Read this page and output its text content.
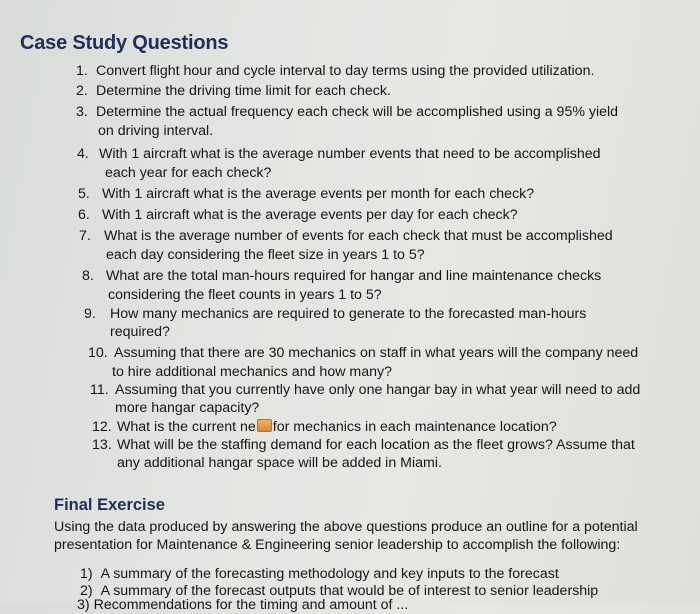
Case Study Questions
1. Convert flight hour and cycle interval to day terms using the provided utilization.
2. Determine the driving time limit for each check.
3. Determine the actual frequency each check will be accomplished using a 95% yield
on driving interval.
4. With 1 aircraft what is the average number events that need to be accomplished
each year for each check?
5. With 1 aircraft what is the average events per month for each check?
6. With 1 aircraft what is the average events per day for each check?
7. What is the average number of events for each check that must be accomplished
each day considering the fleet size in years 1 to 5?
8. What are the total man-hours required for hangar and line maintenance checks
considering the fleet counts in years 1 to 5?
9. How many mechanics are required to generate to the forecasted man-hours
required?
10. Assuming that there are 30 mechanics on staff in what years will the company need
to hire additional mechanics and how many?
11. Assuming that you currently have only one hangar bay in what year will need to add
more hangar capacity?
12. What is the current ne for mechanics in each maintenance location?
13. What will be the staffing demand for each location as the fleet grows? Assume that
any additional hangar space will be added in Miami.
Final Exercise
Using the data produced by answering the above questions produce an outline for a potential
presentation for Maintenance & Engineering senior leadership to accomplish the following:
1) A summary of the forecasting methodology and key inputs to the forecast
2) A summary of the forecast outputs that would be of interest to senior leadership
3) Recommendations for the timing and amount of ...
